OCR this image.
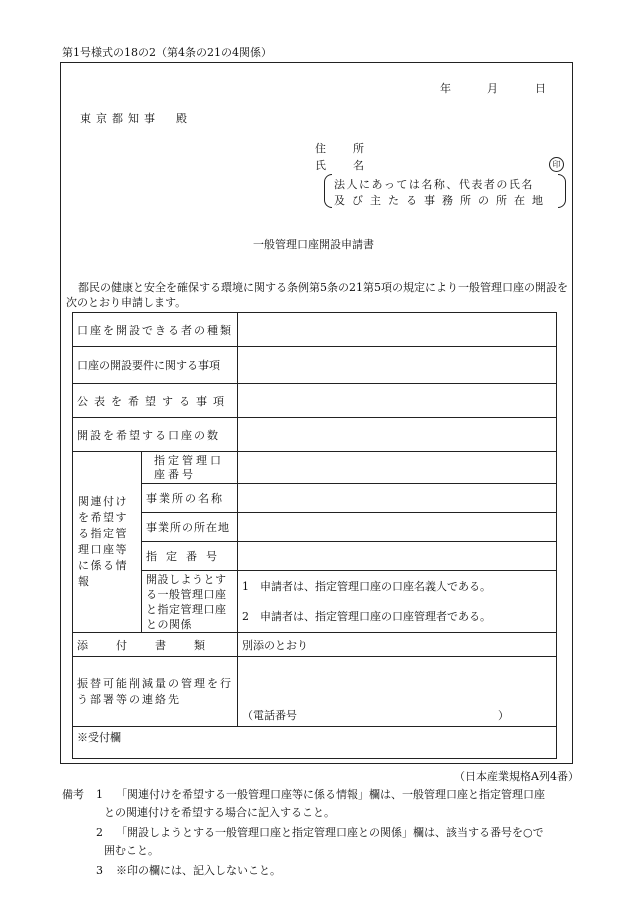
第1号様式の18の2（第4条の21の4関係）
年	月	日
東京都知事　殿
住　所
氏　名	印
法人にあっては名称、代表者の氏名
及び主たる事務所の所在地
一般管理口座開設申請書
都民の健康と安全を確保する環境に関する条例第5条の21第5項の規定により一般管理口座の開設を次のとおり申請します。
口座を開設できる者の種類		
口座の開設要件に関する事項		
公表を希望する事項		
開設を希望する口座の数		
関連付けを希望する指定管理口座等に係る情報	指定管理口座番号	
	事業所の名称	
	事業所の所在地	
	指定番号	
	開設しようとする一般管理口座と指定管理口座との関係	1　申請者は、指定管理口座の口座名義人である。
2　申請者は、指定管理口座の口座管理者である。

添付書類		別添のとおり
振替可能削減量の管理を行う部署等の連絡先		（電話番号 ）
※受付欄		
（日本産業規格A列4番）
備考 1 「関連付けを希望する一般管理口座等に係る情報」欄は、一般管理口座と指定管理口座
との関連付けを希望する場合に記入すること。
2 「開設しようとする一般管理口座と指定管理口座との関係」欄は、該当する番号を○で
囲むこと。
3 ※印の欄には、記入しないこと。
